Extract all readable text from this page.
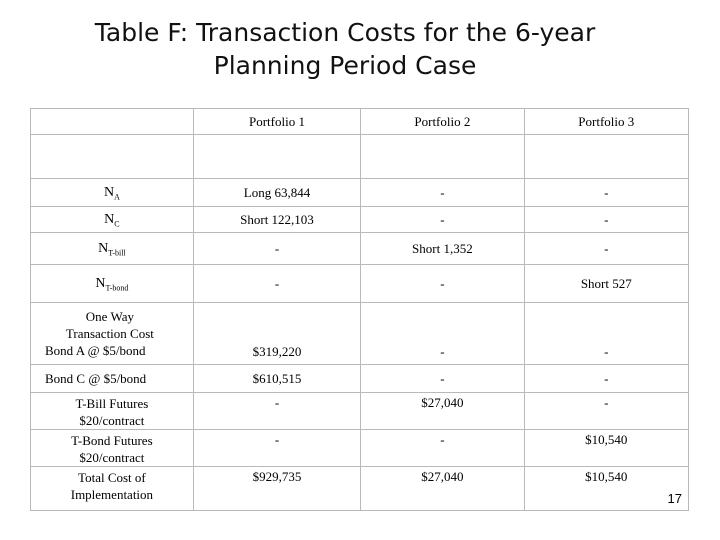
Table F: Transaction Costs for the 6-year
Planning Period Case
	Portfolio 1	Portfolio 2	Portfolio 3

$N_A$	Long 63,844	-	-
$N_C$	Short 122,103	-	-
$N_{T-bill}$	-	Short 1,352	-
$N_{T-bond}$	-	-	Short 527

One Way
Transaction Cost
Bond A @ $5/bond	$319,220	-	-
Bond C @ $5/bond	$610,515	-	-

T-Bill Futures
$20/contract	-	$27,040	-

T-Bond Futures
$20/contract	-	-	$10,540

Total Cost of
Implementation	$929,735	$27,040	$10,540
17
